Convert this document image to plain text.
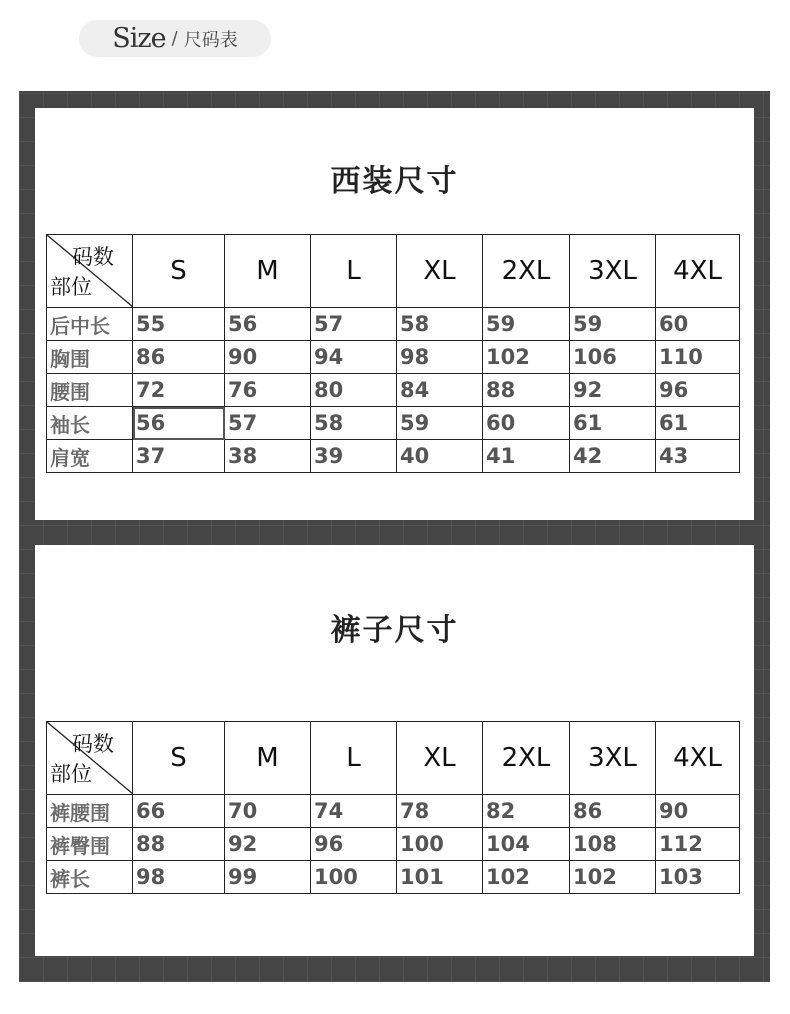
Size / 尺码表
西装尺寸
码数
部位	S	M	L	XL	2XL	3XL	4XL
后中长	55	56	57	58	59	59	60
胸围	86	90	94	98	102	106	110
腰围	72	76	80	84	88	92	96
袖长	56	57	58	59	60	61	61
肩宽	37	38	39	40	41	42	43
裤子尺寸
码数
部位	S	M	L	XL	2XL	3XL	4XL
裤腰围	66	70	74	78	82	86	90
裤臀围	88	92	96	100	104	108	112
裤长	98	99	100	101	102	102	103
